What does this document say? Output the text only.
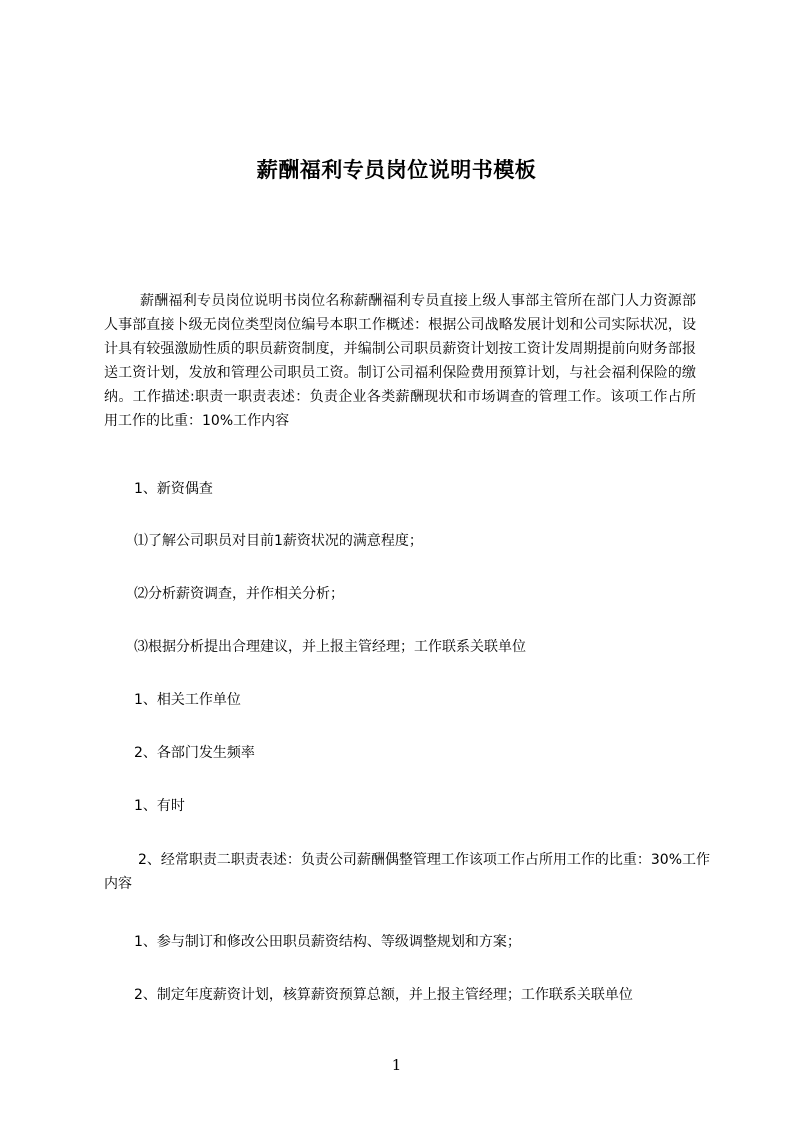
薪酬福利专员岗位说明书模板

薪酬福利专员岗位说明书岗位名称薪酬福利专员直接上级人事部主管所在部门人力资源部人事部直接卜级无岗位类型岗位编号本职工作概述：根据公司战略发展计划和公司实际状况，设计具有较强激励性质的职员薪资制度，并编制公司职员薪资计划按工资计发周期提前向财务部报送工资计划，发放和管理公司职员工资。制订公司福利保险费用预算计划，与社会福利保险的缴纳。工作描述:职责一职责表述：负责企业各类薪酬现状和市场调查的管理工作。该项工作占所用工作的比重：10%工作内容

1、新资偶查

⑴了解公司职员对目前1薪资状况的满意程度；

⑵分析薪资调查，并作相关分析；

⑶根据分析提出合理建议，并上报主管经理；工作联系关联单位

1、相关工作单位

2、各部门发生频率

1、有时

2、经常职责二职责表述：负责公司薪酬偶整管理工作该项工作占所用工作的比重：30%工作内容

1、参与制订和修改公田职员薪资结构、等级调整规划和方案；

2、制定年度薪资计划，核算薪资预算总额，并上报主管经理；工作联系关联单位

1
